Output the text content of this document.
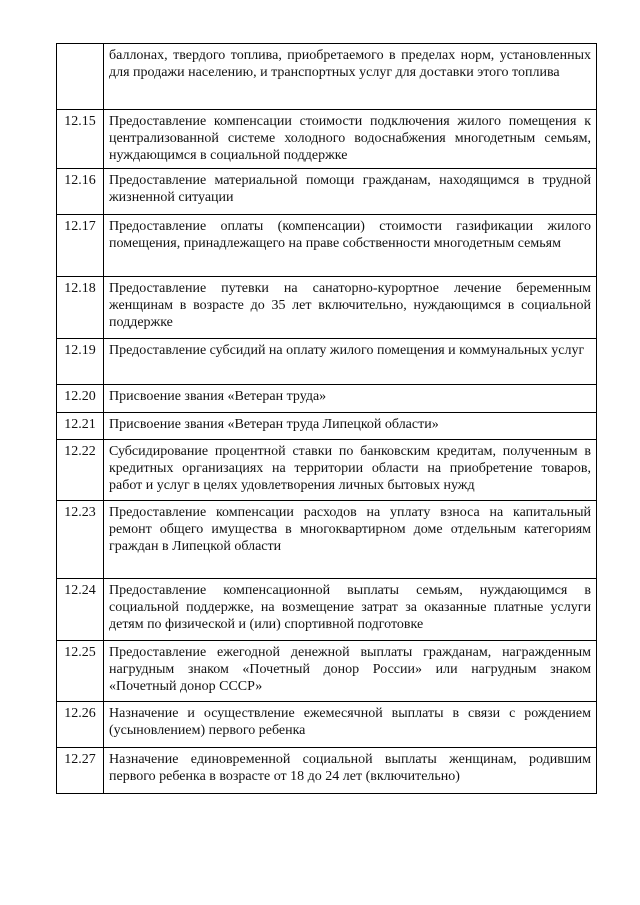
	баллонах, твердого топлива, приобретаемого в пределах норм, установленных для продажи населению, и транспортных услуг для доставки этого топлива
12.15	Предоставление компенсации стоимости подключения жилого помещения к централизованной системе холодного водоснабжения многодетным семьям, нуждающимся в социальной поддержке
12.16	Предоставление материальной помощи гражданам, находящимся в трудной жизненной ситуации
12.17	Предоставление оплаты (компенсации) стоимости газификации жилого помещения, принадлежащего на праве собственности многодетным семьям
12.18	Предоставление путевки на санаторно-курортное лечение беременным женщинам в возрасте до 35 лет включительно, нуждающимся в социальной поддержке
12.19	Предоставление субсидий на оплату жилого помещения и коммунальных услуг
12.20	Присвоение звания «Ветеран труда»
12.21	Присвоение звания «Ветеран труда Липецкой области»
12.22	Субсидирование процентной ставки по банковским кредитам, полученным в кредитных организациях на территории области на приобретение товаров, работ и услуг в целях удовлетворения личных бытовых нужд
12.23	Предоставление компенсации расходов на уплату взноса на капитальный ремонт общего имущества в многоквартирном доме отдельным категориям граждан в Липецкой области
12.24	Предоставление компенсационной выплаты семьям, нуждающимся в социальной поддержке, на возмещение затрат за оказанные платные услуги детям по физической и (или) спортивной подготовке
12.25	Предоставление ежегодной денежной выплаты гражданам, награжденным нагрудным знаком «Почетный донор России» или нагрудным знаком «Почетный донор СССР»
12.26	Назначение и осуществление ежемесячной выплаты в связи с рождением (усыновлением) первого ребенка
12.27	Назначение единовременной социальной выплаты женщинам, родившим первого ребенка в возрасте от 18 до 24 лет (включительно)
